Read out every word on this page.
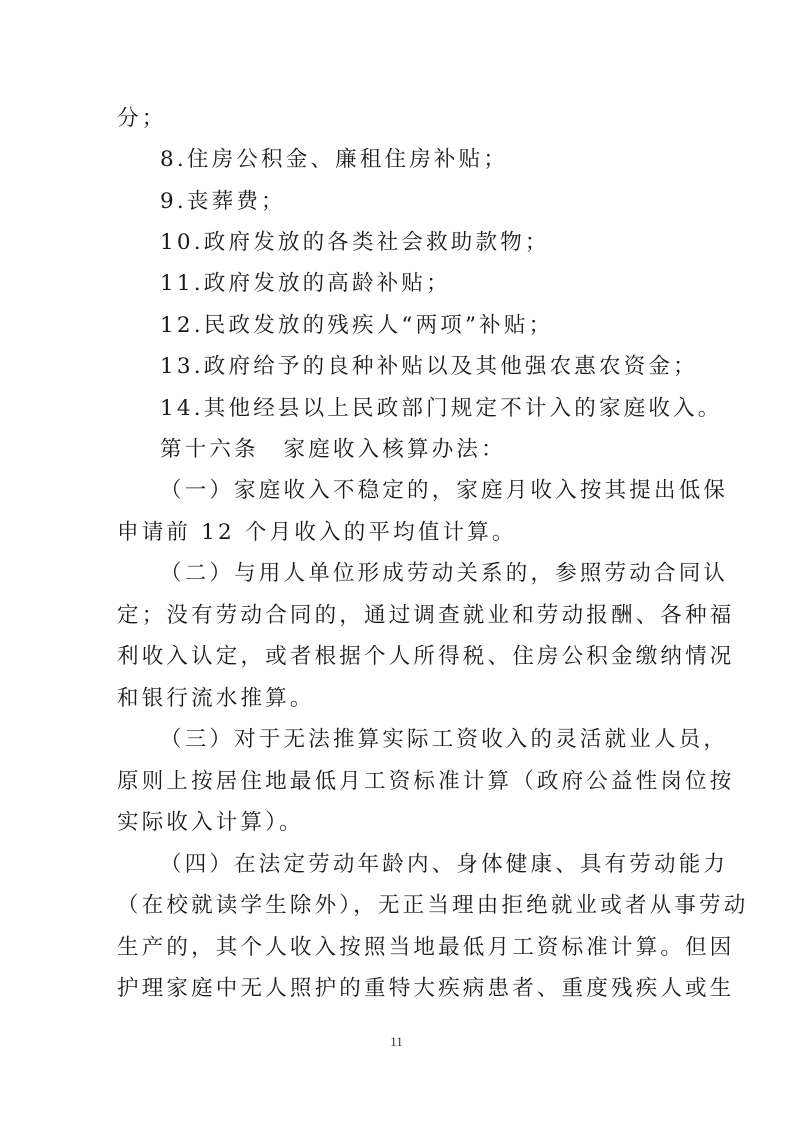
分；
8.住房公积金、廉租住房补贴；
9.丧葬费；
10.政府发放的各类社会救助款物；
11.政府发放的高龄补贴；
12.民政发放的残疾人“两项”补贴；
13.政府给予的良种补贴以及其他强农惠农资金；
14.其他经县以上民政部门规定不计入的家庭收入。
第十六条　家庭收入核算办法：
（一）家庭收入不稳定的，家庭月收入按其提出低保
申请前 12 个月收入的平均值计算。
（二）与用人单位形成劳动关系的，参照劳动合同认
定；没有劳动合同的，通过调查就业和劳动报酬、各种福
利收入认定，或者根据个人所得税、住房公积金缴纳情况
和银行流水推算。
（三）对于无法推算实际工资收入的灵活就业人员，
原则上按居住地最低月工资标准计算（政府公益性岗位按
实际收入计算）。
（四）在法定劳动年龄内、身体健康、具有劳动能力
（在校就读学生除外），无正当理由拒绝就业或者从事劳动
生产的，其个人收入按照当地最低月工资标准计算。但因
护理家庭中无人照护的重特大疾病患者、重度残疾人或生
11
